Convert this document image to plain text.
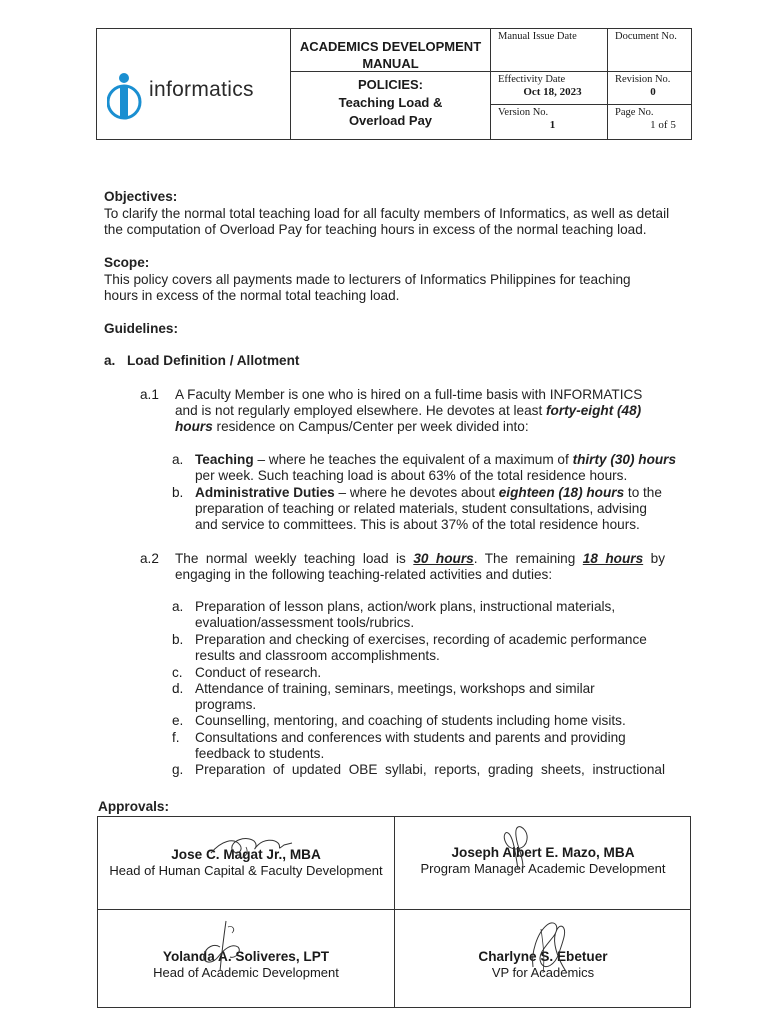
informatics
ACADEMICS DEVELOPMENT MANUAL
POLICIES:
Teaching Load & Overload Pay
Manual Issue Date	Document No.
Effectivity Date
Oct 18, 2023
Revision No.
0
Version No.
1
Page No.
1 of 5
Objectives:
To clarify the normal total teaching load for all faculty members of Informatics, as well as detail
the computation of Overload Pay for teaching hours in excess of the normal teaching load.
Scope:
This policy covers all payments made to lecturers of Informatics Philippines for teaching
hours in excess of the normal total teaching load.
Guidelines:
a. Load Definition / Allotment
a.1 A Faculty Member is one who is hired on a full-time basis with INFORMATICS
and is not regularly employed elsewhere. He devotes at least forty-eight (48)
hours residence on Campus/Center per week divided into:
a. Teaching – where he teaches the equivalent of a maximum of thirty (30) hours
per week. Such teaching load is about 63% of the total residence hours.
b. Administrative Duties – where he devotes about eighteen (18) hours to the
preparation of teaching or related materials, student consultations, advising
and service to committees. This is about 37% of the total residence hours.
a.2 The normal weekly teaching load is 30 hours. The remaining 18 hours by
engaging in the following teaching-related activities and duties:
a. Preparation of lesson plans, action/work plans, instructional materials,
evaluation/assessment tools/rubrics.
b. Preparation and checking of exercises, recording of academic performance
results and classroom accomplishments.
c. Conduct of research.
d. Attendance of training, seminars, meetings, workshops and similar
programs.
e. Counselling, mentoring, and coaching of students including home visits.
f. Consultations and conferences with students and parents and providing
feedback to students.
g. Preparation of updated OBE syllabi, reports, grading sheets, instructional
Approvals:
Jose C. Magat Jr., MBA
Head of Human Capital & Faculty Development
Joseph Albert E. Mazo, MBA
Program Manager Academic Development
Yolanda A. Soliveres, LPT
Head of Academic Development
Charlyne S. Ebetuer
VP for Academics
